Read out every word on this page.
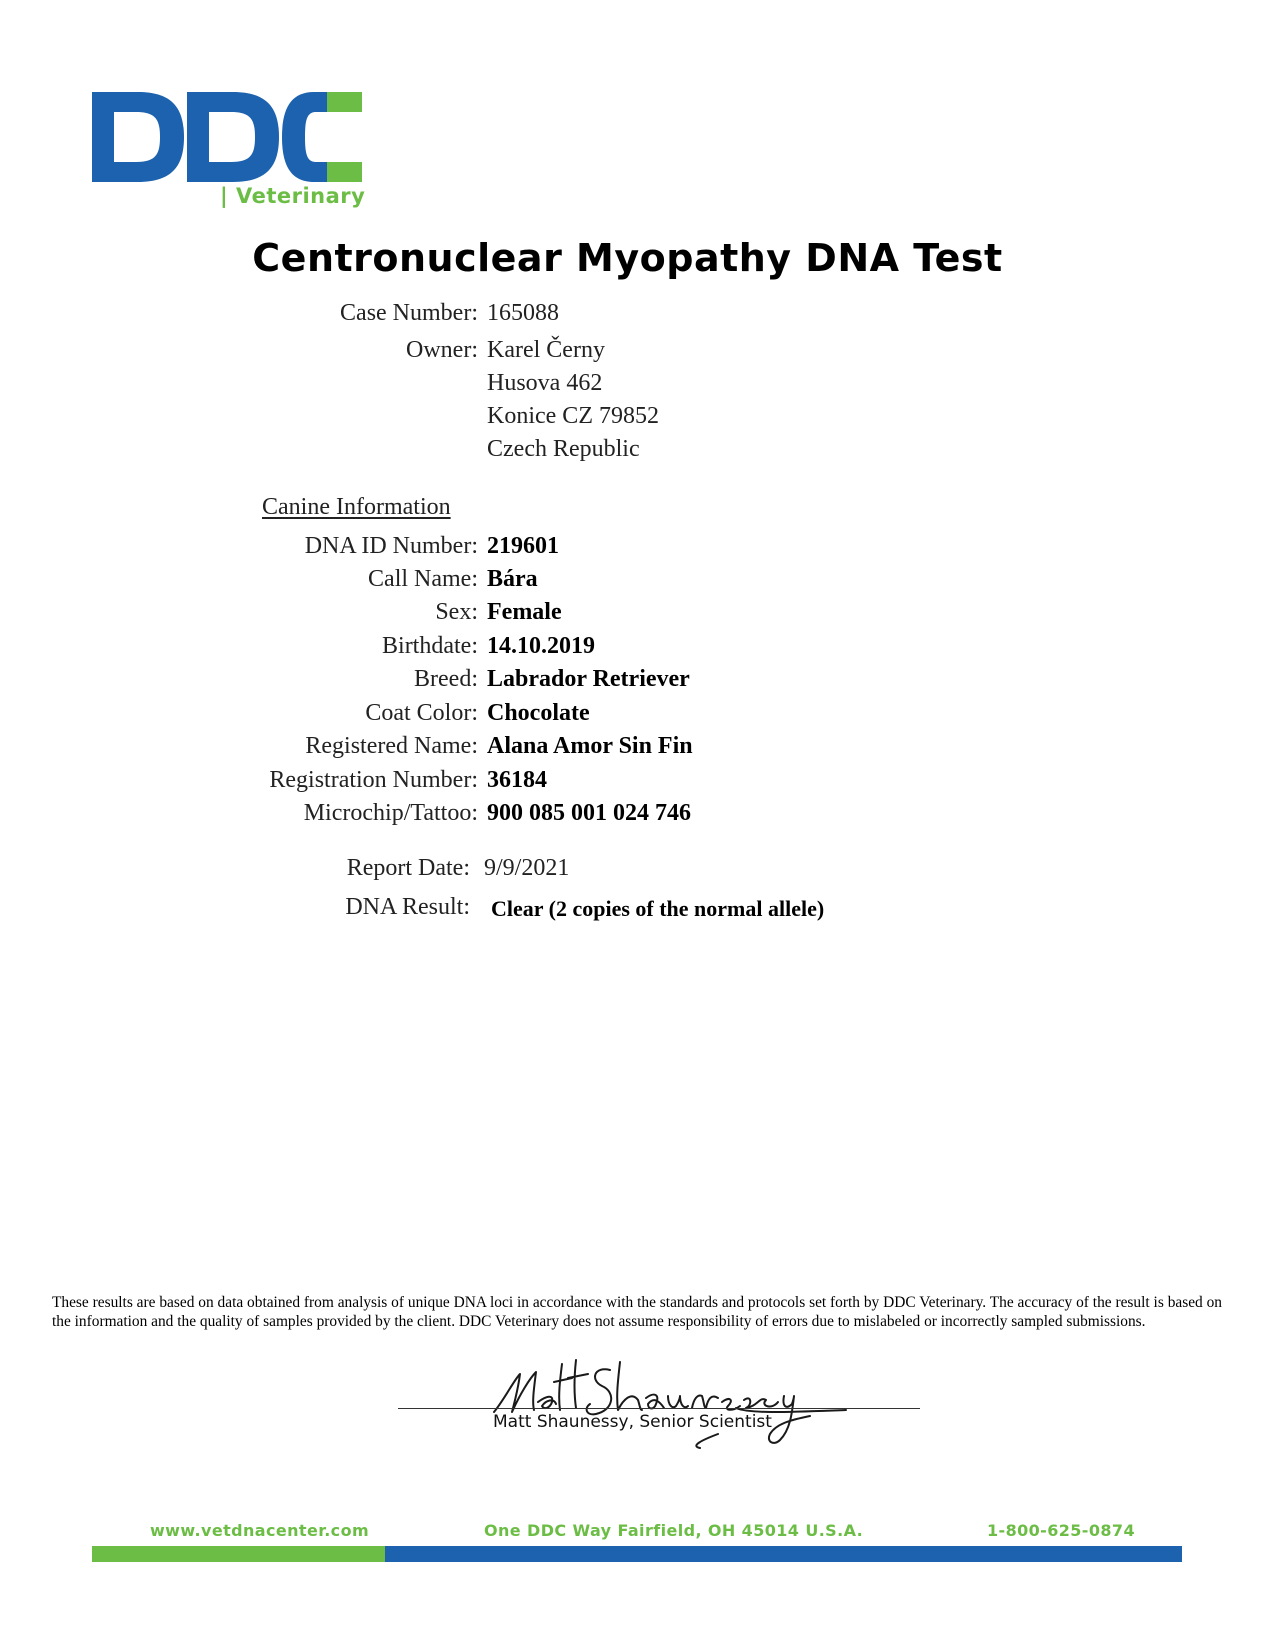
| Veterinary
Centronuclear Myopathy DNA Test
Case Number: 165088
Owner: Karel Černy
Husova 462
Konice CZ 79852
Czech Republic
Canine Information
DNA ID Number: 219601
Call Name: Bára
Sex: Female
Birthdate: 14.10.2019
Breed: Labrador Retriever
Coat Color: Chocolate
Registered Name: Alana Amor Sin Fin
Registration Number: 36184
Microchip/Tattoo: 900 085 001 024 746
Report Date: 9/9/2021
DNA Result: Clear (2 copies of the normal allele)
These results are based on data obtained from analysis of unique DNA loci in accordance with the standards and protocols set forth by DDC Veterinary. The accuracy of the result is based on the information and the quality of samples provided by the client. DDC Veterinary does not assume responsibility of errors due to mislabeled or incorrectly sampled submissions.
Matt Shaunessy, Senior Scientist
www.vetdnacenter.com	One DDC Way Fairfield, OH 45014 U.S.A.	1-800-625-0874
